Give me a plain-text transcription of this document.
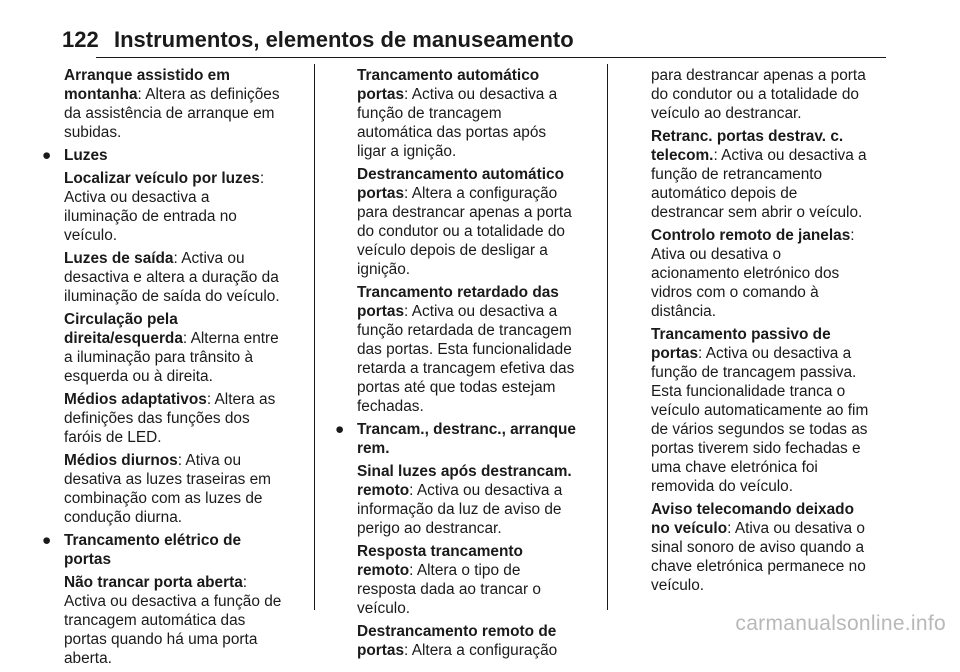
122 Instrumentos, elementos de manuseamento

Arranque assistido em montanha: Altera as definições da assistência de arranque em subidas.

● Luzes

Localizar veículo por luzes: Activa ou desactiva a iluminação de entrada no veículo.

Luzes de saída: Activa ou desactiva e altera a duração da iluminação de saída do veículo.

Circulação pela direita/esquerda: Alterna entre a iluminação para trânsito à esquerda ou à direita.

Médios adaptativos: Altera as definições das funções dos faróis de LED.

Médios diurnos: Ativa ou desativa as luzes traseiras em combinação com as luzes de condução diurna.

● Trancamento elétrico de portas

Não trancar porta aberta: Activa ou desactiva a função de trancagem automática das portas quando há uma porta aberta.

Trancamento automático portas: Activa ou desactiva a função de trancagem automática das portas após ligar a ignição.

Destrancamento automático portas: Altera a configuração para destrancar apenas a porta do condutor ou a totalidade do veículo depois de desligar a ignição.

Trancamento retardado das portas: Activa ou desactiva a função retardada de trancagem das portas. Esta funcionalidade retarda a trancagem efetiva das portas até que todas estejam fechadas.

● Trancam., destranc., arranque rem.

Sinal luzes após destrancam. remoto: Activa ou desactiva a informação da luz de aviso de perigo ao destrancar.

Resposta trancamento remoto: Altera o tipo de resposta dada ao trancar o veículo.

Destrancamento remoto de portas: Altera a configuração

para destrancar apenas a porta do condutor ou a totalidade do veículo ao destrancar.

Retranc. portas destrav. c. telecom.: Activa ou desactiva a função de retrancamento automático depois de destrancar sem abrir o veículo.

Controlo remoto de janelas: Ativa ou desativa o acionamento eletrónico dos vidros com o comando à distância.

Trancamento passivo de portas: Activa ou desactiva a função de trancagem passiva. Esta funcionalidade tranca o veículo automaticamente ao fim de vários segundos se todas as portas tiverem sido fechadas e uma chave eletrónica foi removida do veículo.

Aviso telecomando deixado no veículo: Ativa ou desativa o sinal sonoro de aviso quando a chave eletrónica permanece no veículo.

carmanualsonline.info
